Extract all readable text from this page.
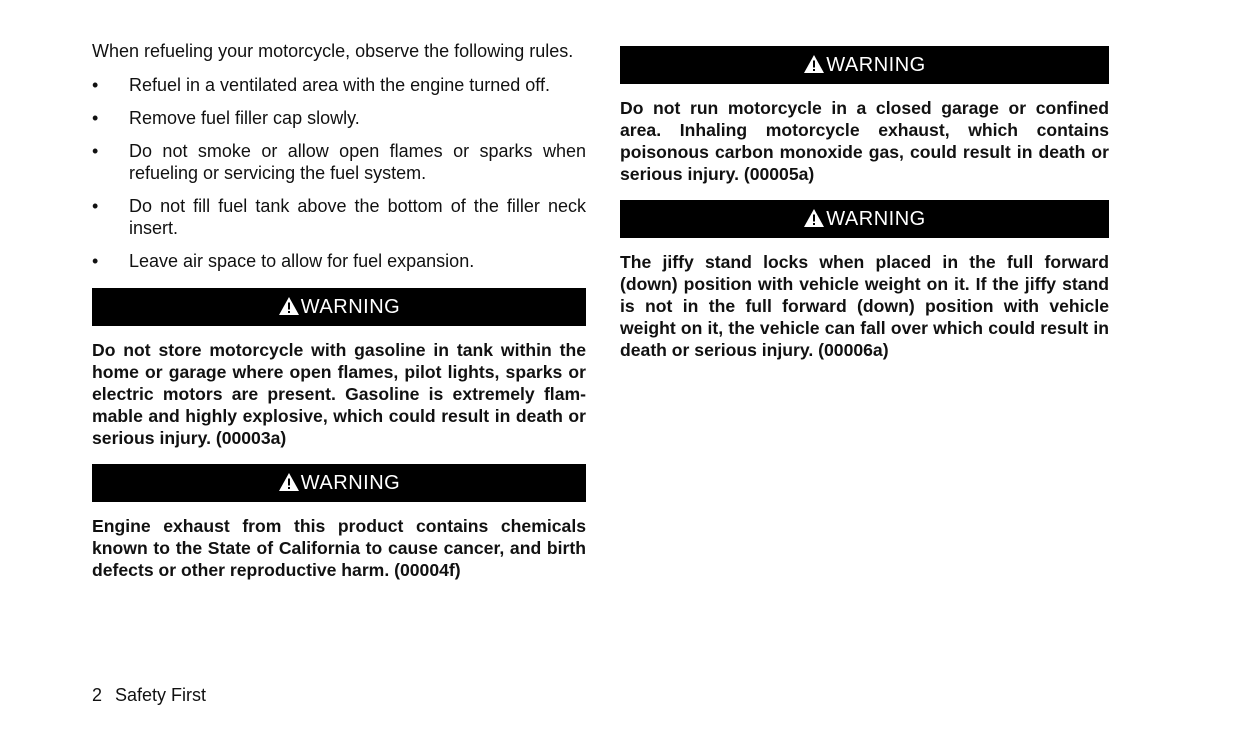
When refueling your motorcycle, observe the following rules.

•	Refuel in a ventilated area with the engine turned off.
•	Remove fuel filler cap slowly.
•	Do not smoke or allow open flames or sparks when refueling or servicing the fuel system.
•	Do not fill fuel tank above the bottom of the filler neck insert.
•	Leave air space to allow for fuel expansion.
WARNING

Do not store motorcycle with gasoline in tank within the home or garage where open flames, pilot lights, sparks or electric motors are present. Gasoline is extremely flammable and highly explosive, which could result in death or serious injury. (00003a)

WARNING

Engine exhaust from this product contains chemicals known to the State of California to cause cancer, and birth defects or other reproductive harm. (00004f)

WARNING

Do not run motorcycle in a closed garage or confined area. Inhaling motorcycle exhaust, which contains poisonous carbon monoxide gas, could result in death or serious injury. (00005a)

WARNING

The jiffy stand locks when placed in the full forward (down) position with vehicle weight on it. If the jiffy stand is not in the full forward (down) position with vehicle weight on it, the vehicle can fall over which could result in death or serious injury. (00006a)

2 Safety First
